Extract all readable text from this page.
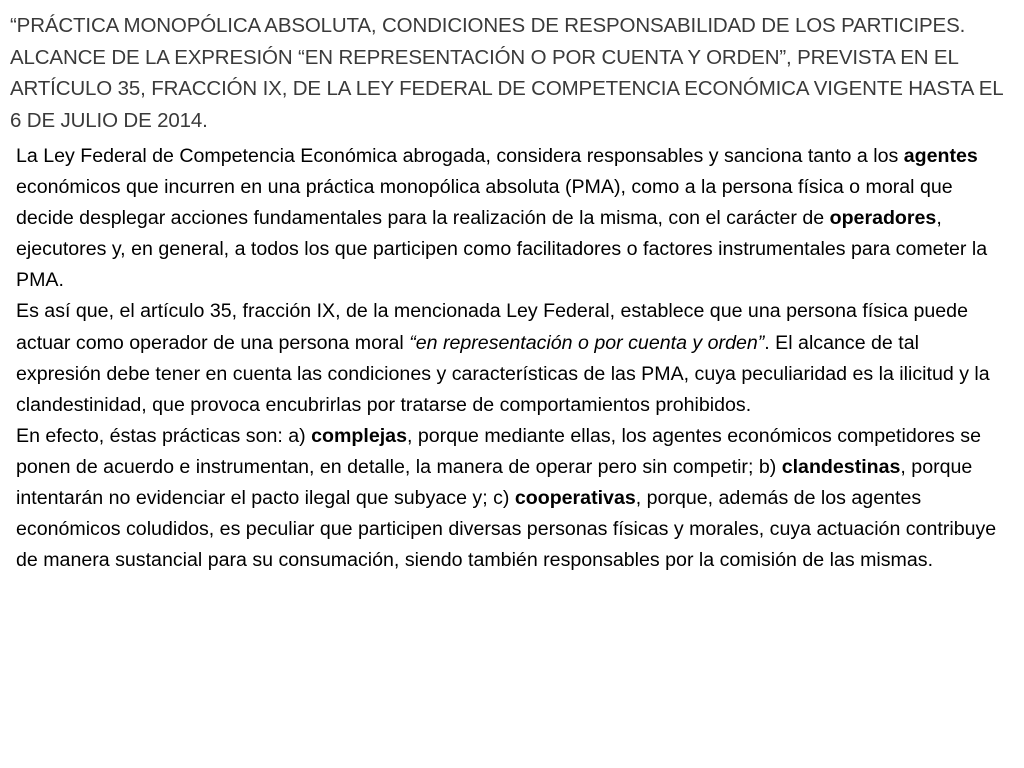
“PRÁCTICA MONOPÓLICA ABSOLUTA, CONDICIONES DE RESPONSABILIDAD DE LOS PARTICIPES. ALCANCE DE LA EXPRESIÓN “EN REPRESENTACIÓN O POR CUENTA Y ORDEN”, PREVISTA EN EL ARTÍCULO 35, FRACCIÓN IX, DE LA LEY FEDERAL DE COMPETENCIA ECONÓMICA VIGENTE HASTA EL 6 DE JULIO DE 2014.

La Ley Federal de Competencia Económica abrogada, considera responsables y sanciona tanto a los agentes económicos que incurren en una práctica monopólica absoluta (PMA), como a la persona física o moral que decide desplegar acciones fundamentales para la realización de la misma, con el carácter de operadores, ejecutores y, en general, a todos los que participen como facilitadores o factores instrumentales para cometer la PMA.

Es así que, el artículo 35, fracción IX, de la mencionada Ley Federal, establece que una persona física puede actuar como operador de una persona moral “en representación o por cuenta y orden”. El alcance de tal expresión debe tener en cuenta las condiciones y características de las PMA, cuya peculiaridad es la ilicitud y la clandestinidad, que provoca encubrirlas por tratarse de comportamientos prohibidos.

En efecto, éstas prácticas son: a) complejas, porque mediante ellas, los agentes económicos competidores se ponen de acuerdo e instrumentan, en detalle, la manera de operar pero sin competir; b) clandestinas, porque intentarán no evidenciar el pacto ilegal que subyace y; c) cooperativas, porque, además de los agentes económicos coludidos, es peculiar que participen diversas personas físicas y morales, cuya actuación contribuye de manera sustancial para su consumación, siendo también responsables por la comisión de las mismas.
